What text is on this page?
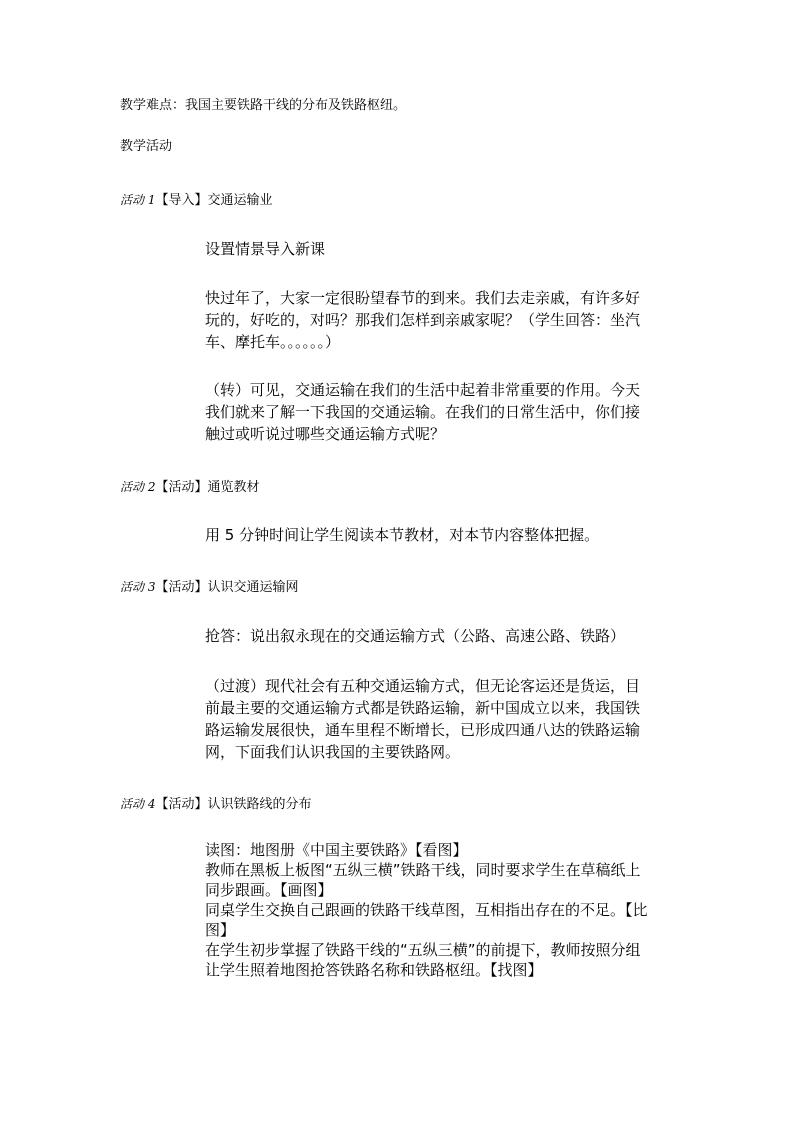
教学难点：我国主要铁路干线的分布及铁路枢纽。
教学活动
活动 1【导入】交通运输业
设置情景导入新课
快过年了，大家一定很盼望春节的到来。我们去走亲戚，有许多好
玩的，好吃的，对吗？那我们怎样到亲戚家呢？（学生回答：坐汽
车、摩托车。。。。。。）
（转）可见，交通运输在我们的生活中起着非常重要的作用。今天
我们就来了解一下我国的交通运输。在我们的日常生活中，你们接
触过或听说过哪些交通运输方式呢？
活动 2【活动】通览教材
用 5 分钟时间让学生阅读本节教材，对本节内容整体把握。
活动 3【活动】认识交通运输网
抢答：说出叙永现在的交通运输方式（公路、高速公路、铁路）
（过渡）现代社会有五种交通运输方式，但无论客运还是货运，目
前最主要的交通运输方式都是铁路运输，新中国成立以来，我国铁
路运输发展很快，通车里程不断增长，已形成四通八达的铁路运输
网，下面我们认识我国的主要铁路网。
活动 4【活动】认识铁路线的分布
读图：地图册《中国主要铁路》【看图】
教师在黑板上板图“五纵三横”铁路干线，同时要求学生在草稿纸上
同步跟画。【画图】
同桌学生交换自己跟画的铁路干线草图，互相指出存在的不足。【比
图】
在学生初步掌握了铁路干线的“五纵三横”的前提下，教师按照分组
让学生照着地图抢答铁路名称和铁路枢纽。【找图】
